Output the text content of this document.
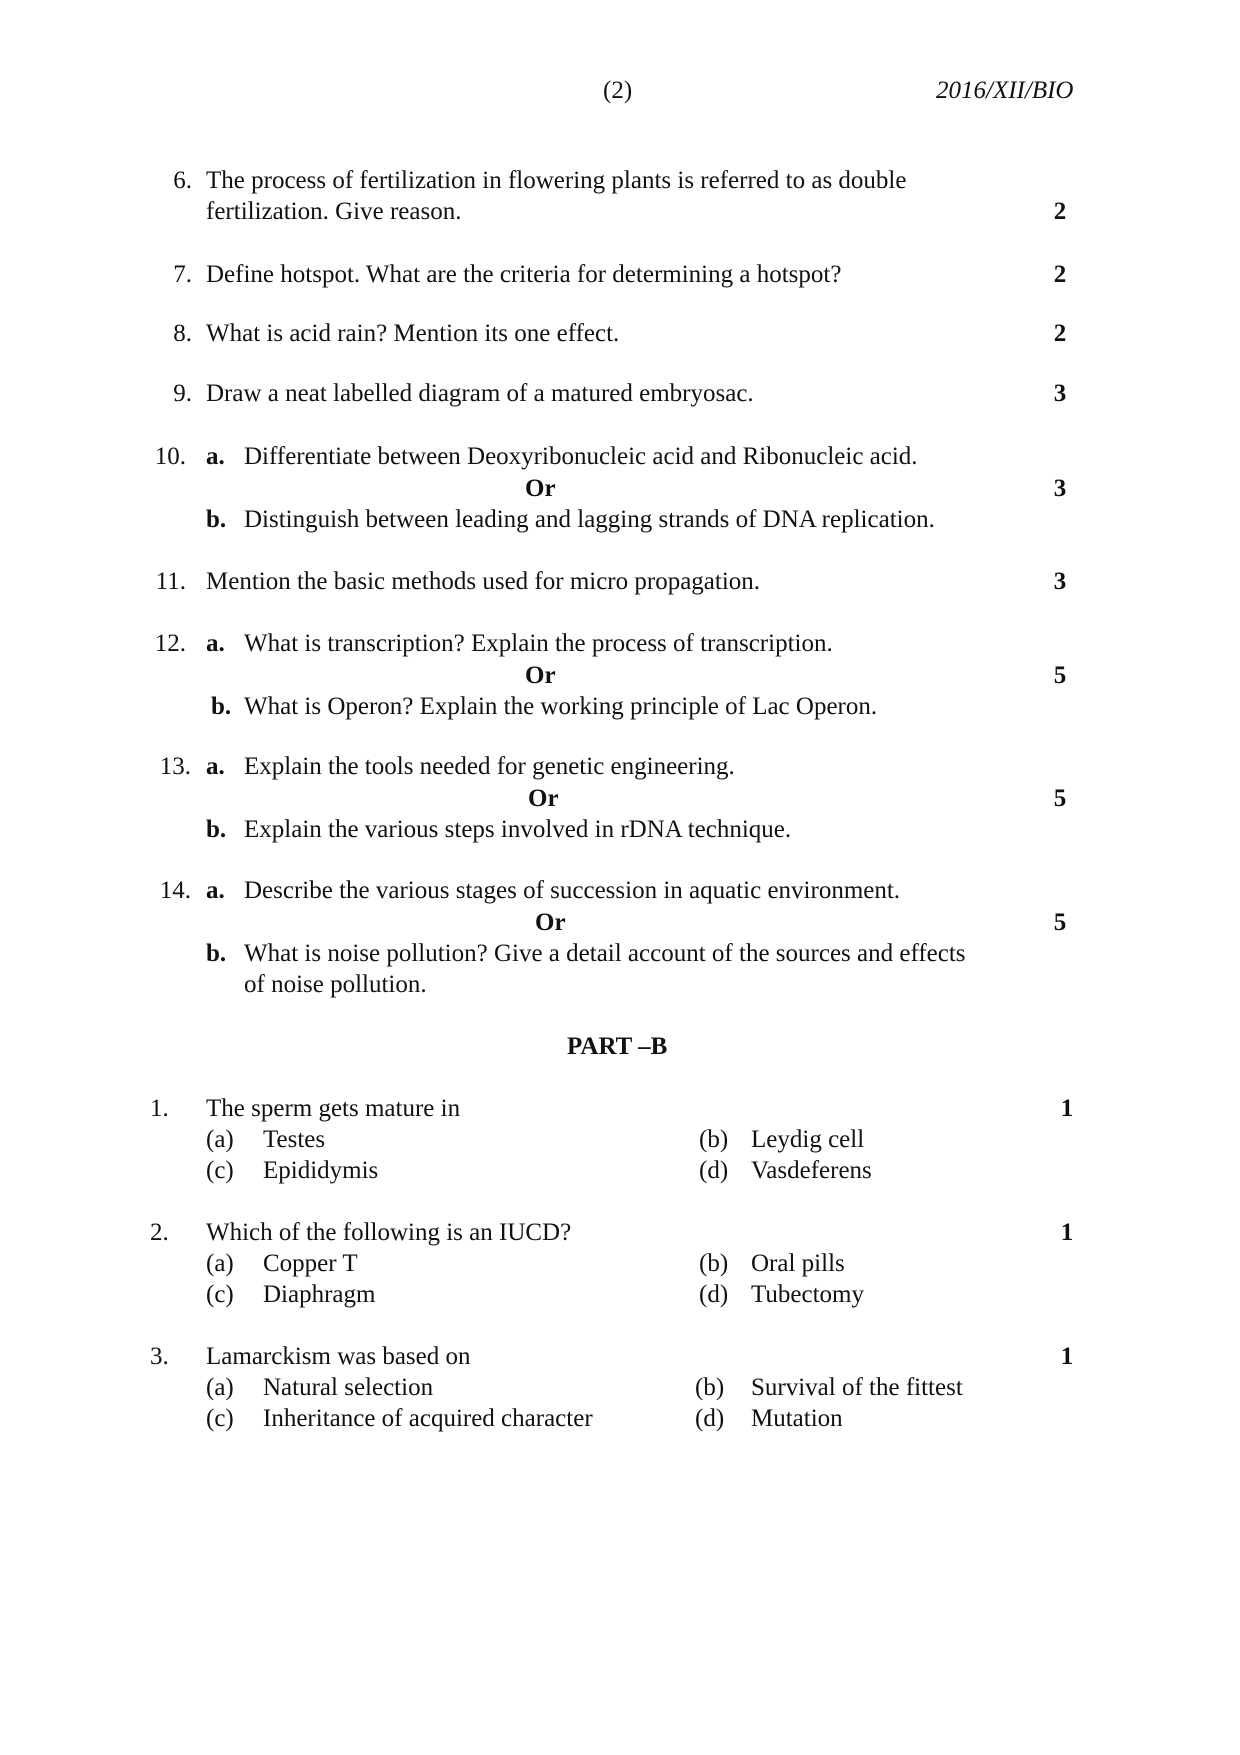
(2)	2016/XII/BIO
6. The process of fertilization in flowering plants is referred to as double
fertilization. Give reason.	2
7. Define hotspot. What are the criteria for determining a hotspot?	2
8. What is acid rain? Mention its one effect.	2
9. Draw a neat labelled diagram of a matured embryosac.	3
10. a. Differentiate between Deoxyribonucleic acid and Ribonucleic acid.
Or	3
b. Distinguish between leading and lagging strands of DNA replication.
11. Mention the basic methods used for micro propagation.	3
12. a. What is transcription? Explain the process of transcription.
Or	5
b. What is Operon? Explain the working principle of Lac Operon.
13. a. Explain the tools needed for genetic engineering.
Or	5
b. Explain the various steps involved in rDNA technique.
14. a. Describe the various stages of succession in aquatic environment.
Or	5
b. What is noise pollution? Give a detail account of the sources and effects
of noise pollution.
PART –B
1. The sperm gets mature in	1
(a) Testes	(b) Leydig cell
(c) Epididymis	(d) Vasdeferens
2. Which of the following is an IUCD?	1
(a) Copper T	(b) Oral pills
(c) Diaphragm	(d) Tubectomy
3. Lamarckism was based on	1
(a) Natural selection	(b) Survival of the fittest
(c) Inheritance of acquired character	(d) Mutation
